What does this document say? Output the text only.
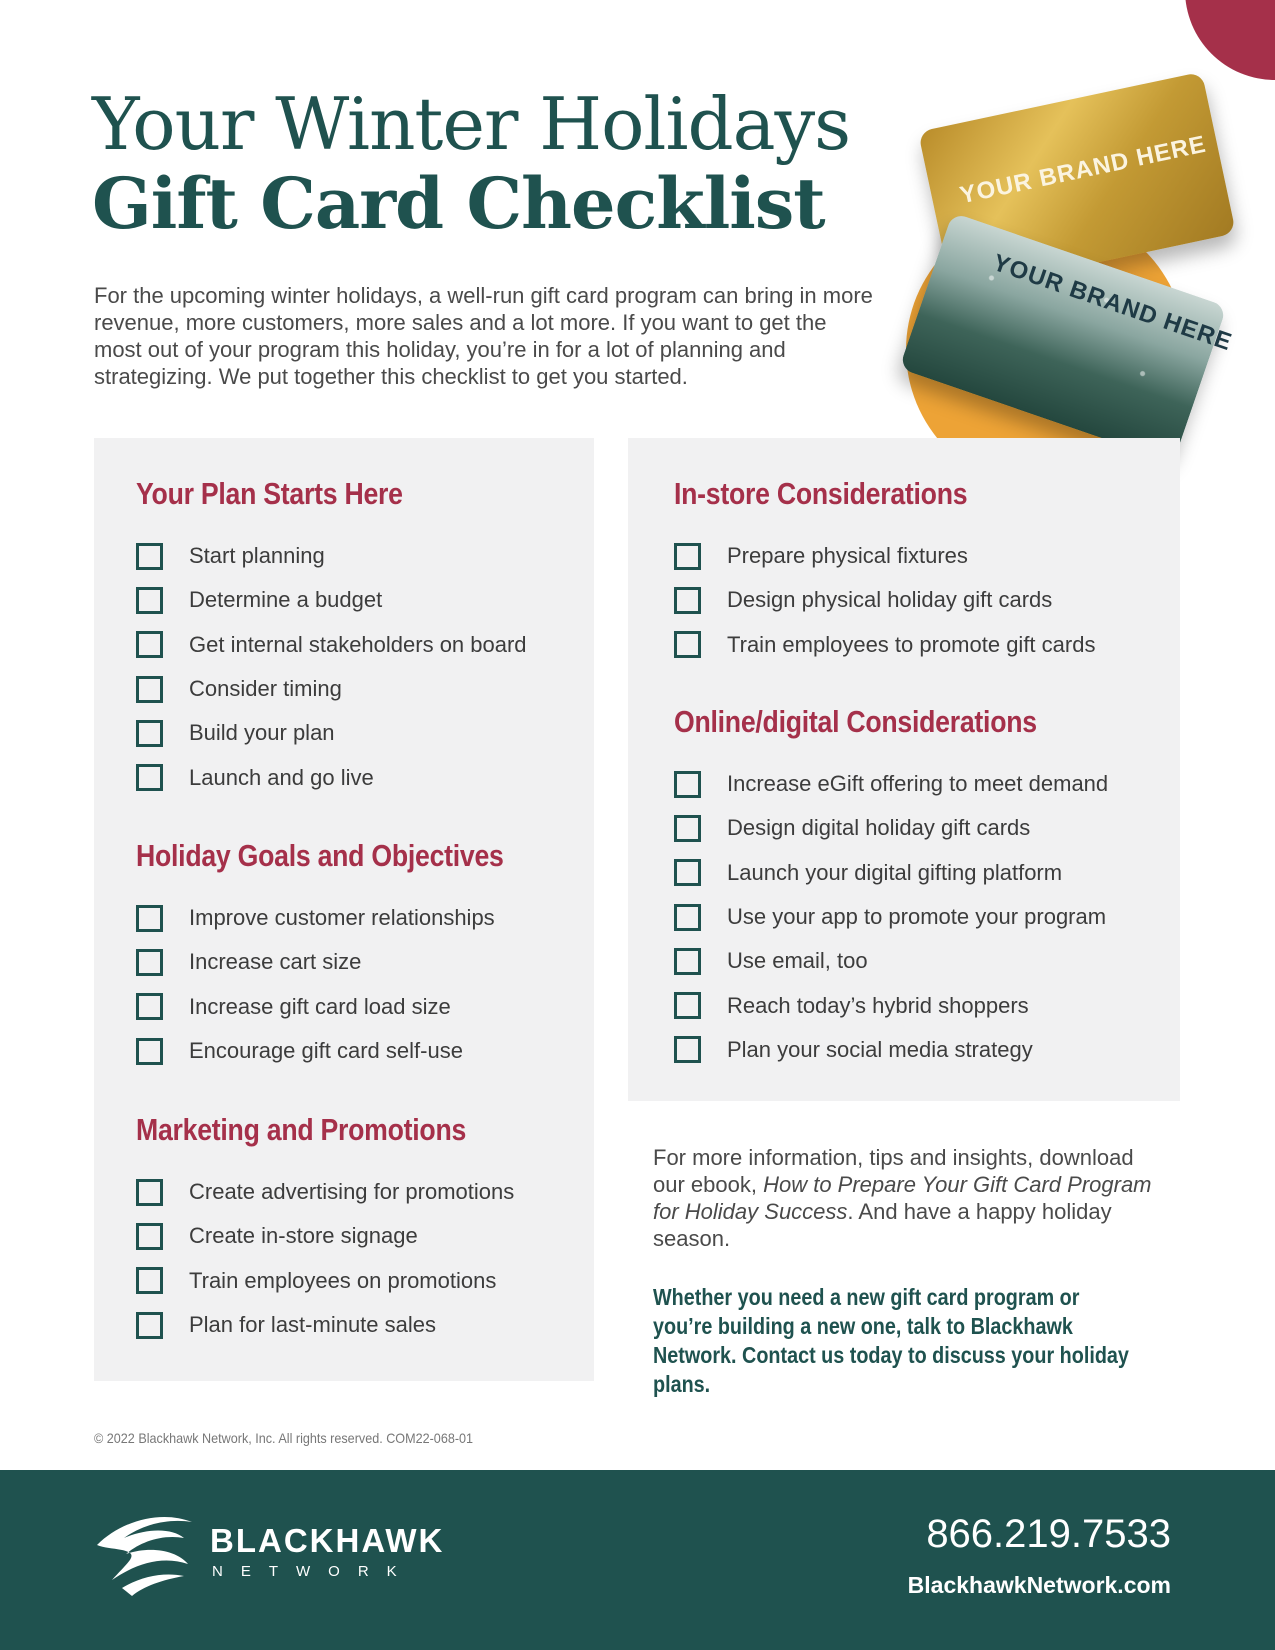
Your Winter Holidays
Gift Card Checklist

For the upcoming winter holidays, a well-run gift card program can bring in more revenue, more customers, more sales and a lot more. If you want to get the most out of your program this holiday, you’re in for a lot of planning and strategizing. We put together this checklist to get you started.

YOUR BRAND HERE
YOUR BRAND HERE
Your Plan Starts Here
Start planning
Determine a budget
Get internal stakeholders on board
Consider timing
Build your plan
Launch and go live
Holiday Goals and Objectives
Improve customer relationships
Increase cart size
Increase gift card load size
Encourage gift card self-use
Marketing and Promotions
Create advertising for promotions
Create in-store signage
Train employees on promotions
Plan for last-minute sales
In-store Considerations
Prepare physical fixtures
Design physical holiday gift cards
Train employees to promote gift cards
Online/digital Considerations
Increase eGift offering to meet demand
Design digital holiday gift cards
Launch your digital gifting platform
Use your app to promote your program
Use email, too
Reach today’s hybrid shoppers
Plan your social media strategy

For more information, tips and insights, download our ebook, How to Prepare Your Gift Card Program for Holiday Success. And have a happy holiday season.

Whether you need a new gift card program or you’re building a new one, talk to Blackhawk Network. Contact us today to discuss your holiday plans.

© 2022 Blackhawk Network, Inc. All rights reserved. COM22-068-01
BLACKHAWK
NETWORK
866.219.7533
BlackhawkNetwork.com
